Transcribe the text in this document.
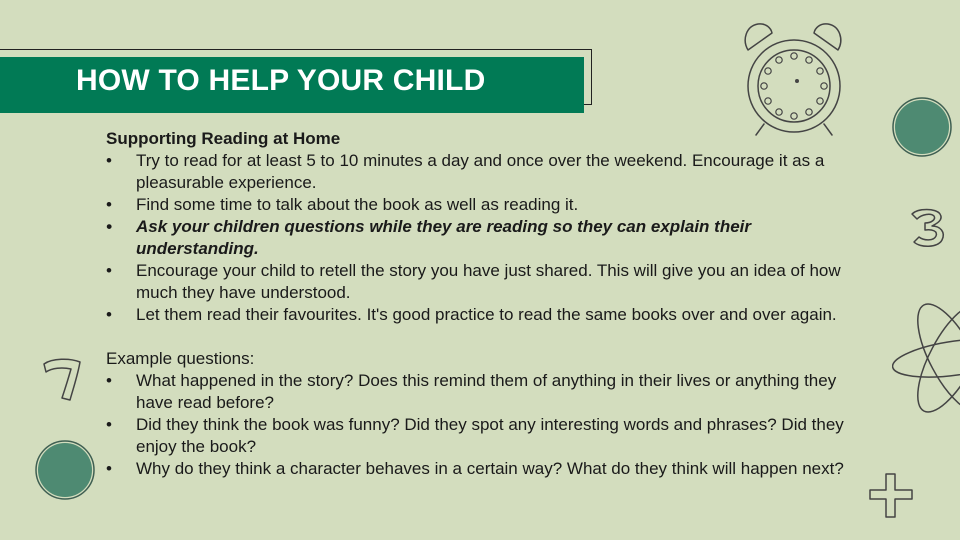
HOW TO HELP YOUR CHILD

Supporting Reading at Home

• Try to read for at least 5 to 10 minutes a day and once over the weekend. Encourage it as a pleasurable experience.
• Find some time to talk about the book as well as reading it.
• Ask your children questions while they are reading so they can explain their understanding.
• Encourage your child to retell the story you have just shared. This will give you an idea of how much they have understood.
• Let them read their favourites. It's good practice to read the same books over and over again.

Example questions:

• What happened in the story? Does this remind them of anything in their lives or anything they have read before?
• Did they think the book was funny? Did they spot any interesting words and phrases? Did they enjoy the book?
• Why do they think a character behaves in a certain way? What do they think will happen next?
